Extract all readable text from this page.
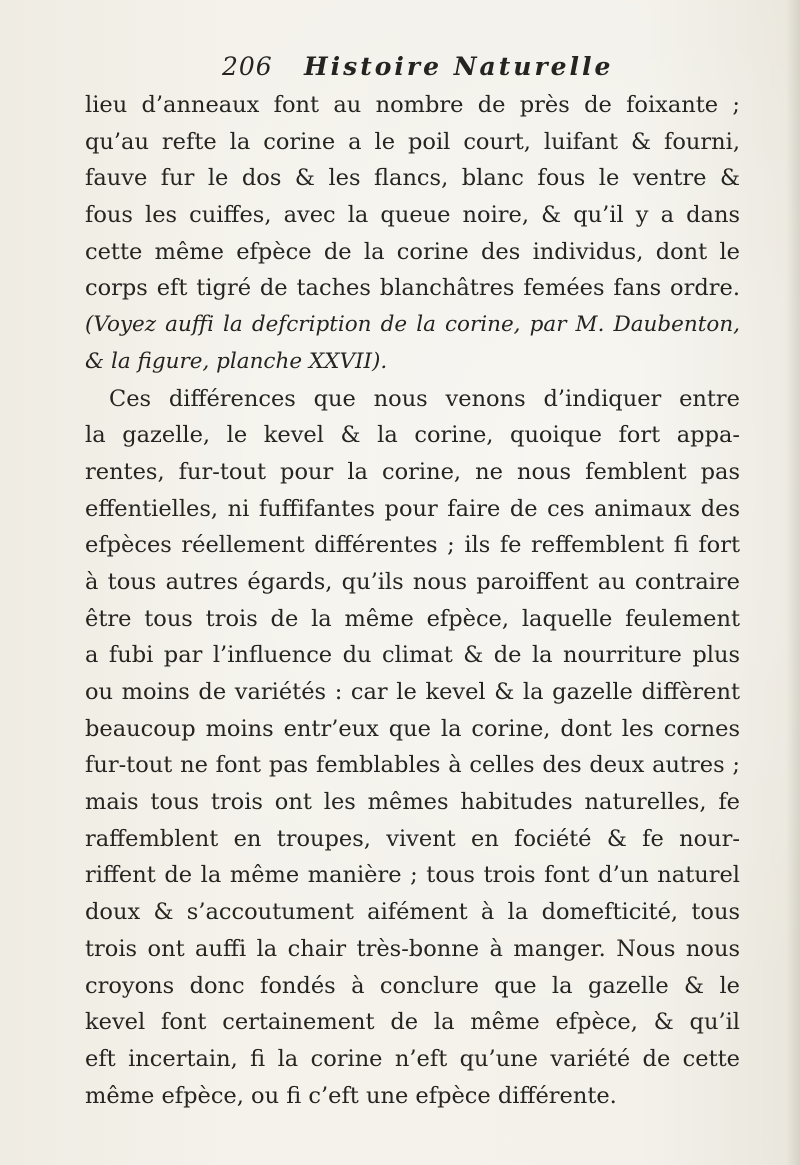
206 Histoire Naturelle
lieu d’anneaux font au nombre de près de foixante ;
qu’au refte la corine a le poil court, luifant & fourni,
fauve fur le dos & les flancs, blanc fous le ventre &
fous les cuiffes, avec la queue noire, & qu’il y a dans
cette même efpèce de la corine des individus, dont le
corps eft tigré de taches blanchâtres femées fans ordre.
(Voyez auffi la defcription de la corine, par M. Daubenton,
& la figure, planche XXVII).
Ces différences que nous venons d’indiquer entre
la gazelle, le kevel & la corine, quoique fort appa-
rentes, fur-tout pour la corine, ne nous femblent pas
effentielles, ni fuffifantes pour faire de ces animaux des
efpèces réellement différentes ; ils fe reffemblent fi fort
à tous autres égards, qu’ils nous paroiffent au contraire
être tous trois de la même efpèce, laquelle feulement
a fubi par l’influence du climat & de la nourriture plus
ou moins de variétés : car le kevel & la gazelle diffèrent
beaucoup moins entr’eux que la corine, dont les cornes
fur-tout ne font pas femblables à celles des deux autres ;
mais tous trois ont les mêmes habitudes naturelles, fe
raffemblent en troupes, vivent en fociété & fe nour-
riffent de la même manière ; tous trois font d’un naturel
doux & s’accoutument aifément à la domefticité, tous
trois ont auffi la chair très-bonne à manger. Nous nous
croyons donc fondés à conclure que la gazelle & le
kevel font certainement de la même efpèce, & qu’il
eft incertain, fi la corine n’eft qu’une variété de cette
même efpèce, ou fi c’eft une efpèce différente.
